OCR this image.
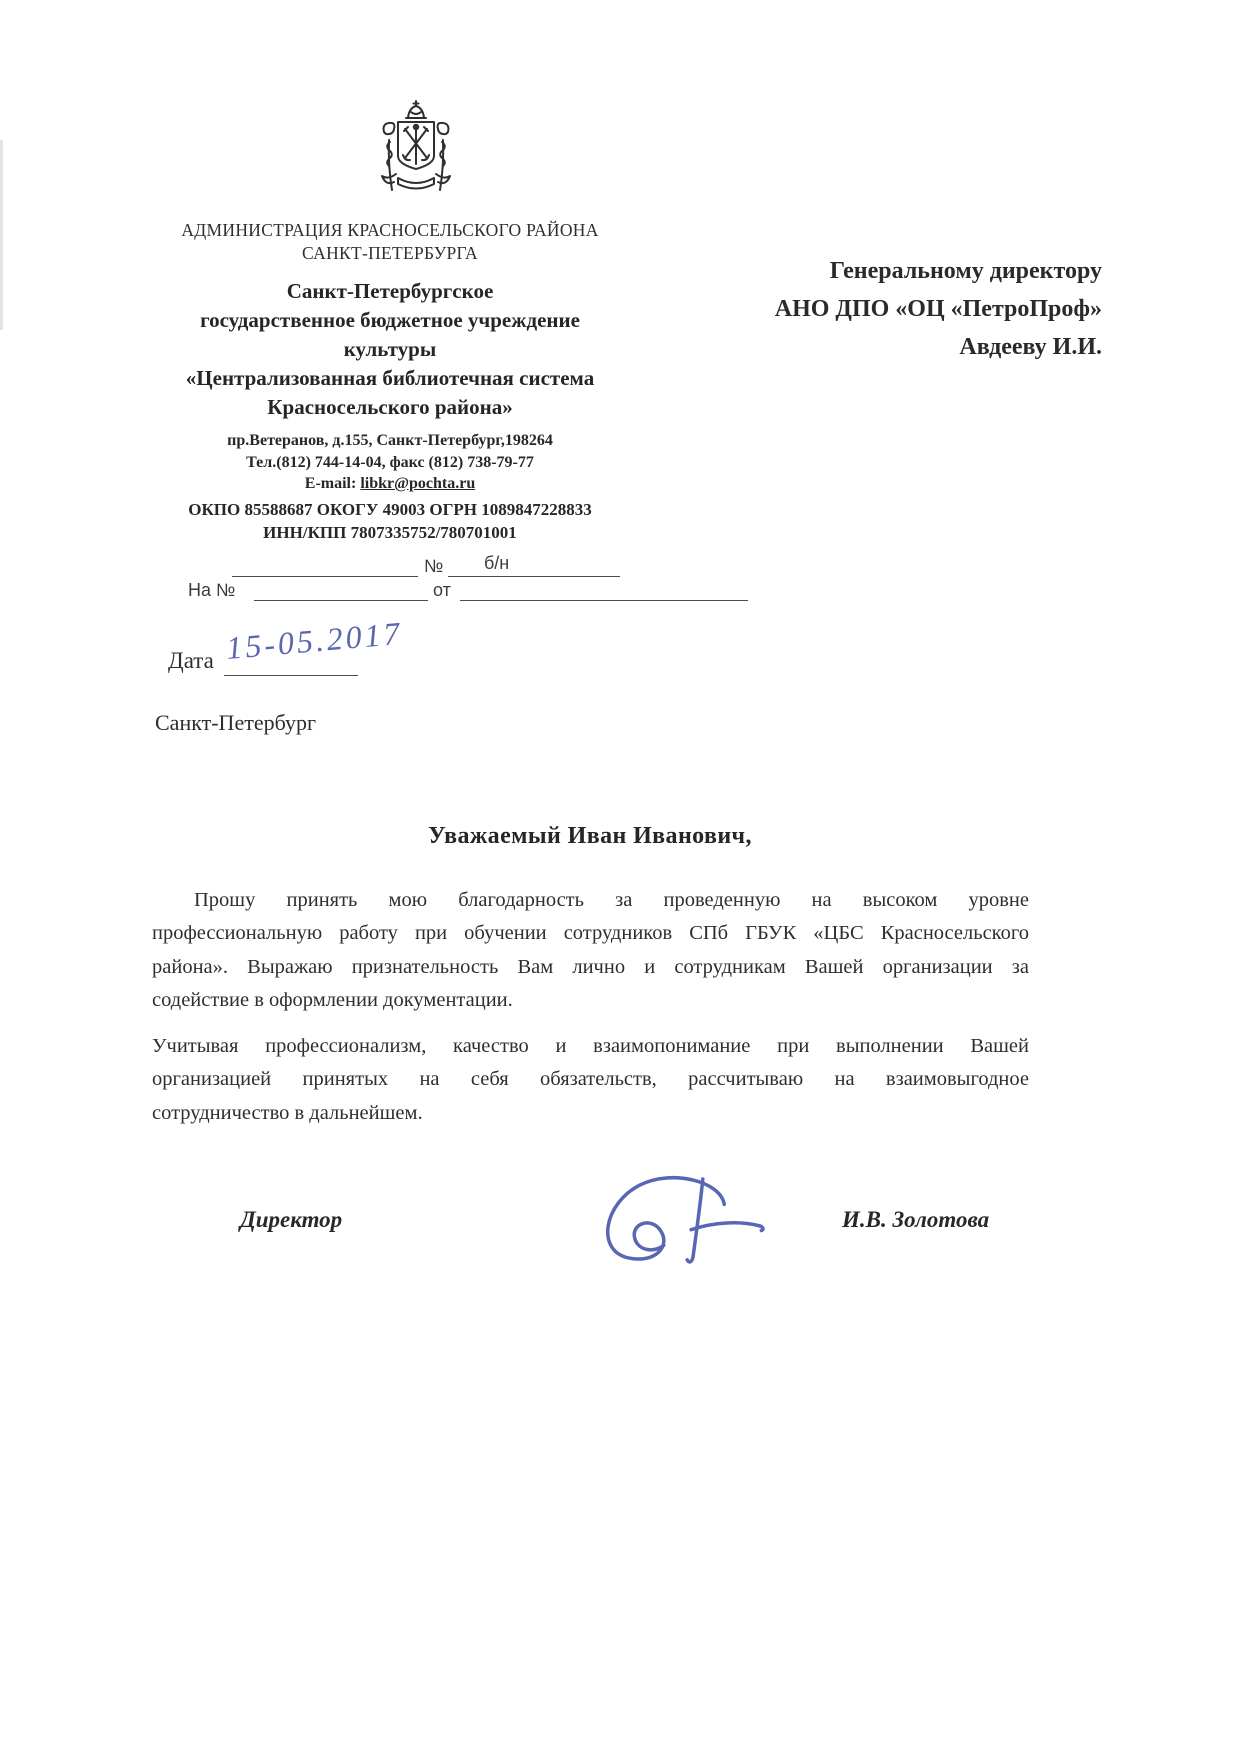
АДМИНИСТРАЦИЯ КРАСНОСЕЛЬСКОГО РАЙОНА
САНКТ-ПЕТЕРБУРГА
Санкт-Петербургское
государственное бюджетное учреждение
культуры
«Централизованная библиотечная система
Красносельского района»
пр.Ветеранов, д.155, Санкт-Петербург,198264
Тел.(812) 744-14-04, факс (812) 738-79-77
E-mail: libkr@pochta.ru
ОКПО 85588687 ОКОГУ 49003 ОГРН 1089847228833
ИНН/КПП 7807335752/780701001
Генеральному директору
АНО ДПО «ОЦ «ПетроПроф»
Авдееву И.И.
№ б/н
На №	от
Дата 15-05.2017
Санкт-Петербург
Уважаемый Иван Иванович,
Прошу принять мою благодарность за проведенную на высоком уровне
профессиональную работу при обучении сотрудников СПб ГБУК «ЦБС Красносельского
района». Выражаю признательность Вам лично и сотрудникам Вашей организации за
содействие в оформлении документации.
Учитывая профессионализм, качество и взаимопонимание при выполнении Вашей
организацией принятых на себя обязательств, рассчитываю на взаимовыгодное
сотрудничество в дальнейшем.
Директор	И.В. Золотова
